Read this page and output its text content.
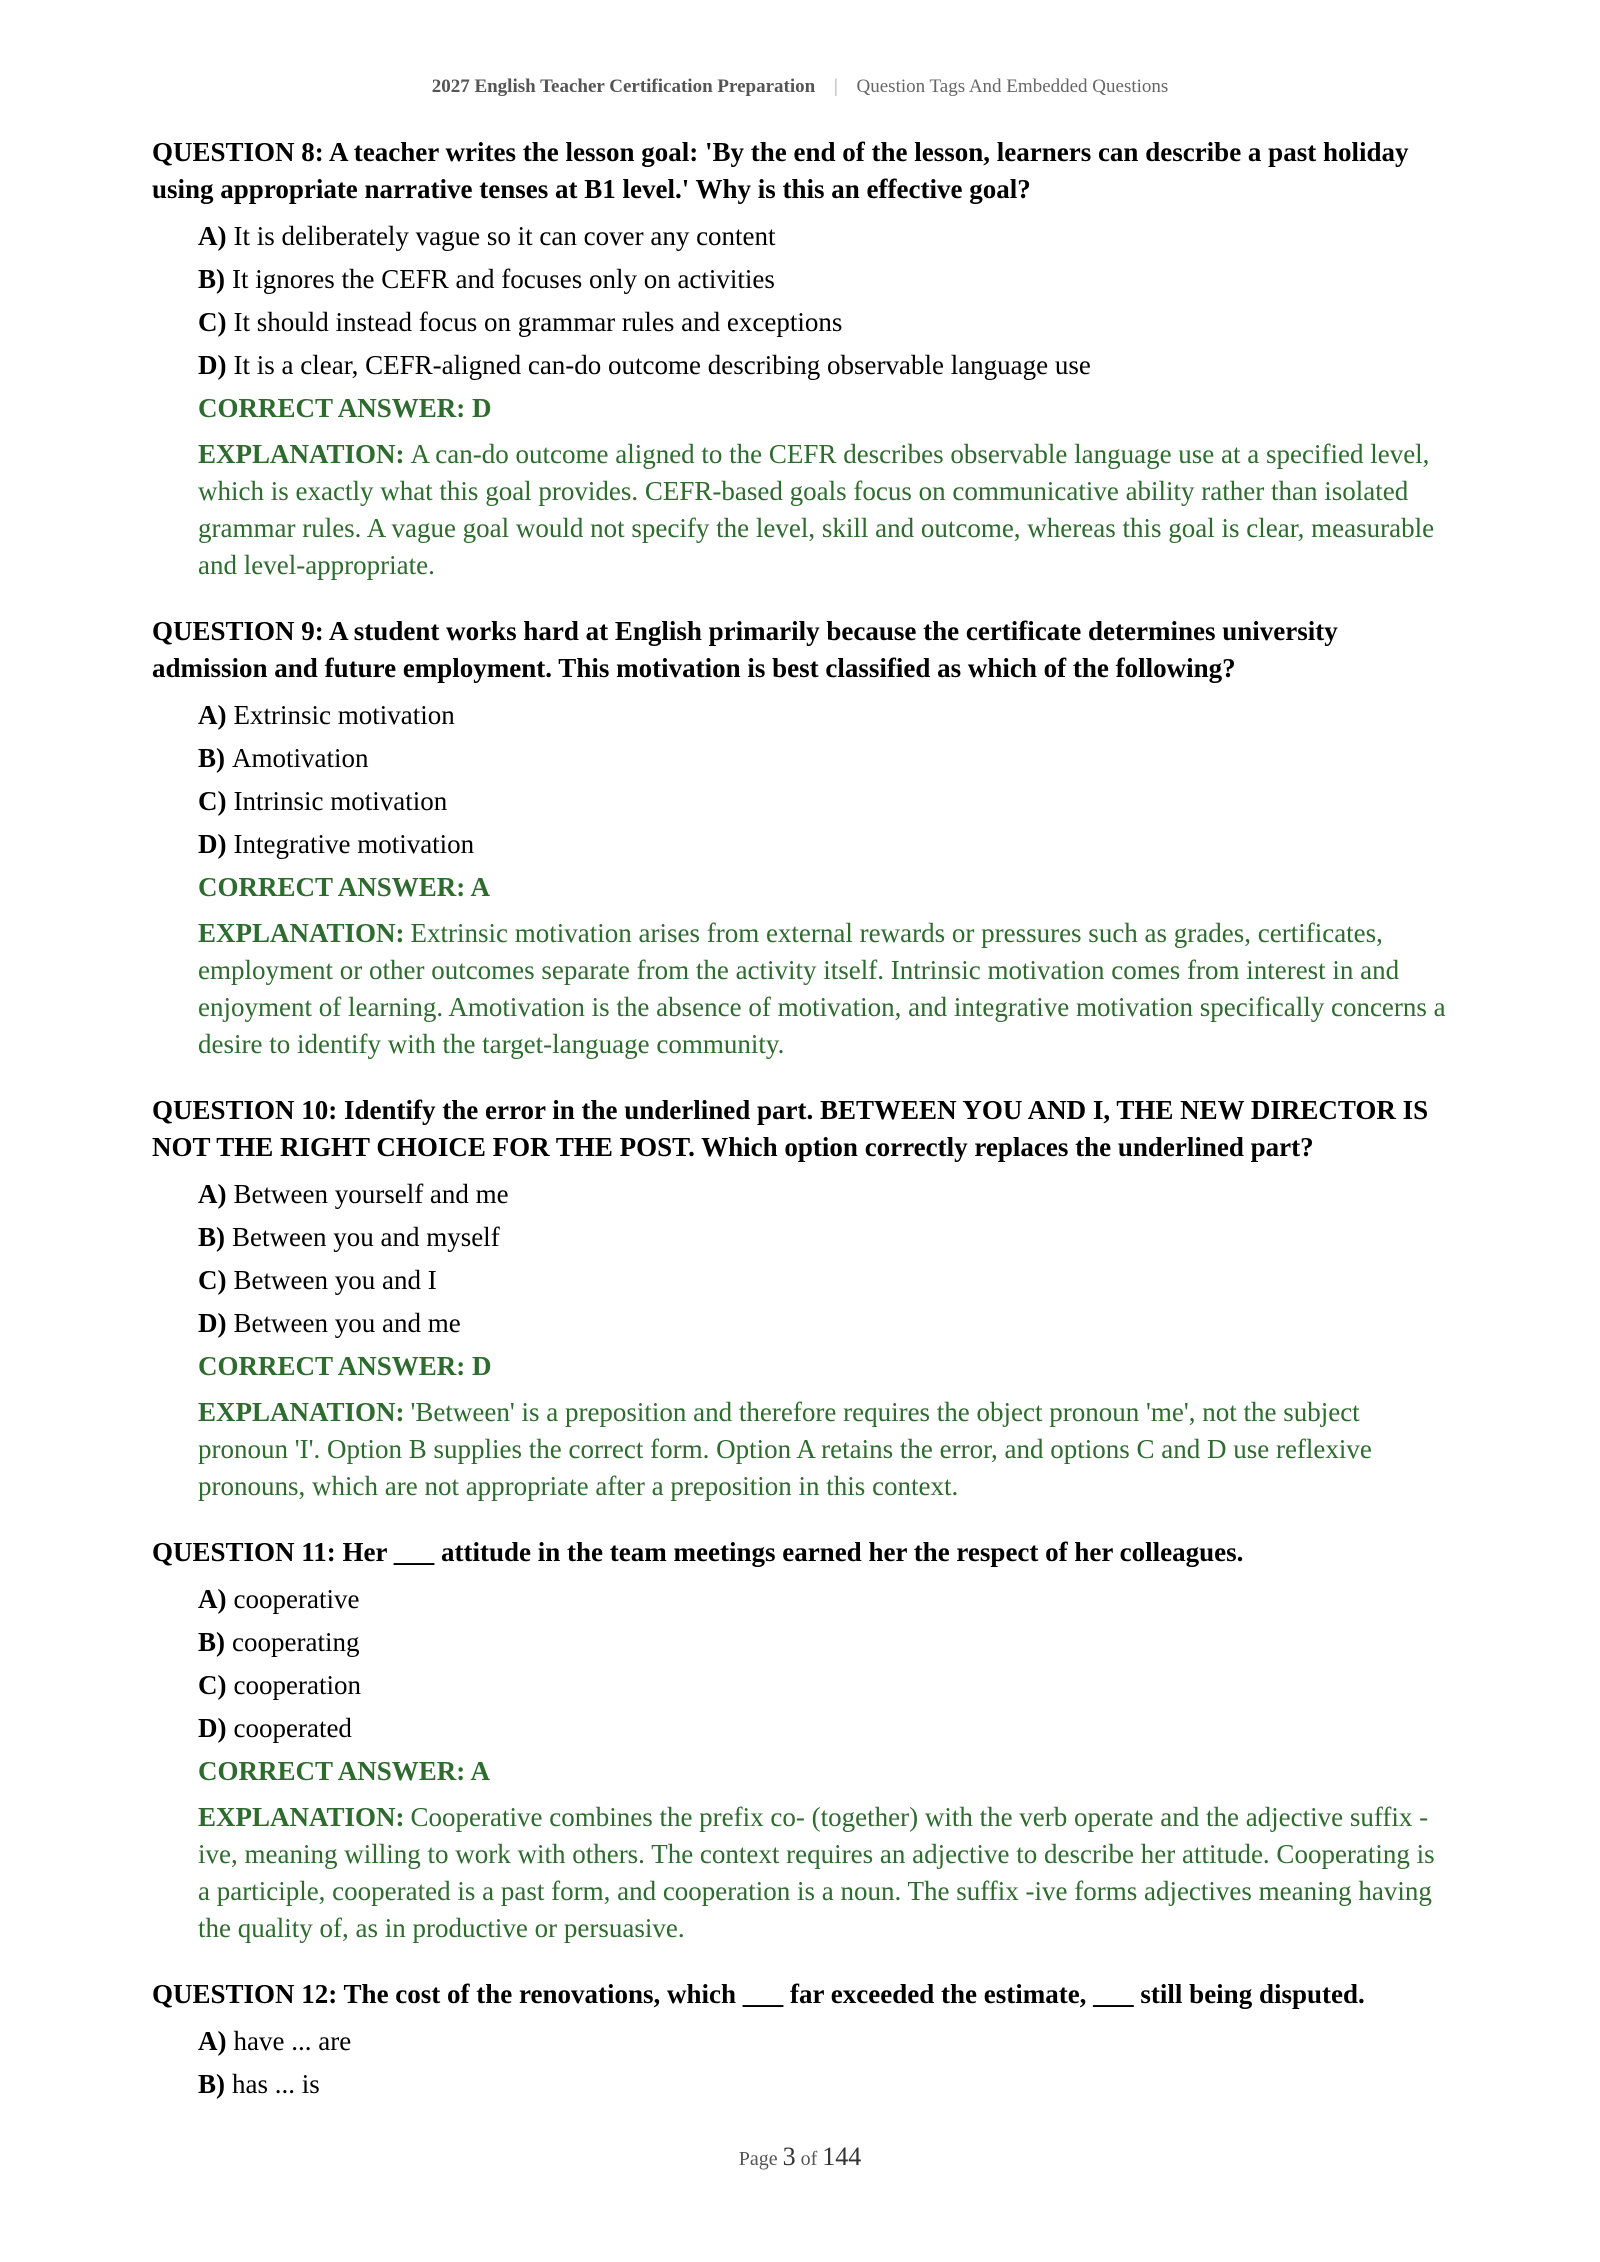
2027 English Teacher Certification Preparation | Question Tags And Embedded Questions
QUESTION 8: A teacher writes the lesson goal: 'By the end of the lesson, learners can describe a past holiday using appropriate narrative tenses at B1 level.' Why is this an effective goal?
A) It is deliberately vague so it can cover any content
B) It ignores the CEFR and focuses only on activities
C) It should instead focus on grammar rules and exceptions
D) It is a clear, CEFR-aligned can-do outcome describing observable language use
CORRECT ANSWER: D
EXPLANATION: A can-do outcome aligned to the CEFR describes observable language use at a specified level, which is exactly what this goal provides. CEFR-based goals focus on communicative ability rather than isolated grammar rules. A vague goal would not specify the level, skill and outcome, whereas this goal is clear, measurable and level-appropriate.
QUESTION 9: A student works hard at English primarily because the certificate determines university admission and future employment. This motivation is best classified as which of the following?
A) Extrinsic motivation
B) Amotivation
C) Intrinsic motivation
D) Integrative motivation
CORRECT ANSWER: A
EXPLANATION: Extrinsic motivation arises from external rewards or pressures such as grades, certificates, employment or other outcomes separate from the activity itself. Intrinsic motivation comes from interest in and enjoyment of learning. Amotivation is the absence of motivation, and integrative motivation specifically concerns a desire to identify with the target-language community.
QUESTION 10: Identify the error in the underlined part. BETWEEN YOU AND I, THE NEW DIRECTOR IS NOT THE RIGHT CHOICE FOR THE POST. Which option correctly replaces the underlined part?
A) Between yourself and me
B) Between you and myself
C) Between you and I
D) Between you and me
CORRECT ANSWER: D
EXPLANATION: 'Between' is a preposition and therefore requires the object pronoun 'me', not the subject pronoun 'I'. Option B supplies the correct form. Option A retains the error, and options C and D use reflexive pronouns, which are not appropriate after a preposition in this context.
QUESTION 11: Her ___ attitude in the team meetings earned her the respect of her colleagues.
A) cooperative
B) cooperating
C) cooperation
D) cooperated
CORRECT ANSWER: A
EXPLANATION: Cooperative combines the prefix co- (together) with the verb operate and the adjective suffix -ive, meaning willing to work with others. The context requires an adjective to describe her attitude. Cooperating is a participle, cooperated is a past form, and cooperation is a noun. The suffix -ive forms adjectives meaning having the quality of, as in productive or persuasive.
QUESTION 12: The cost of the renovations, which ___ far exceeded the estimate, ___ still being disputed.
A) have ... are
B) has ... is
Page 3 of 144
